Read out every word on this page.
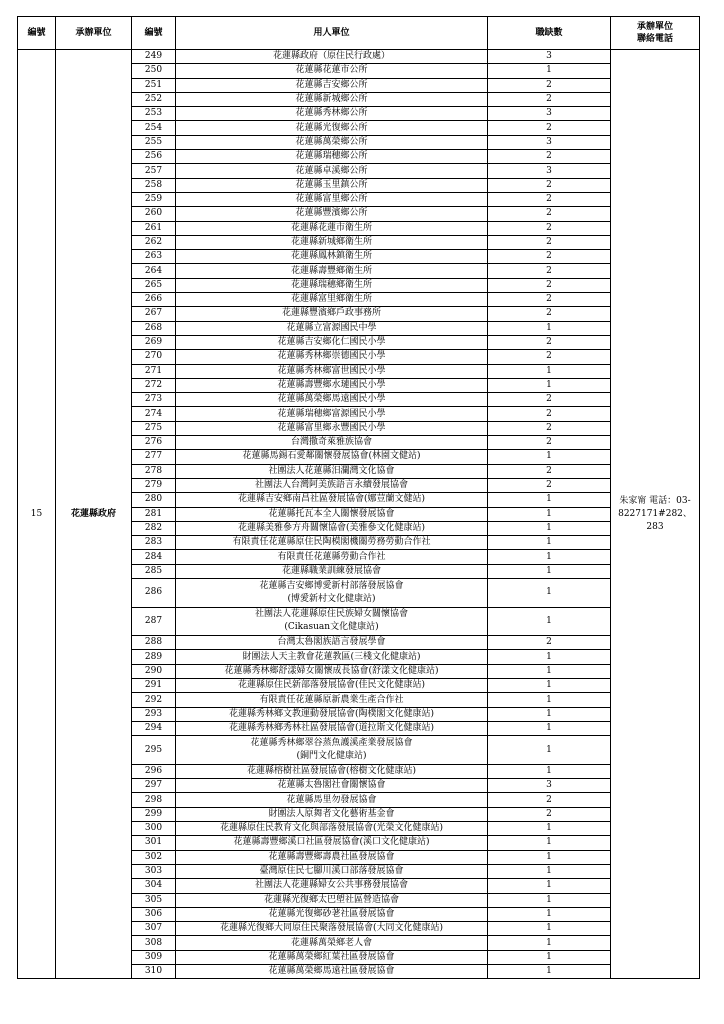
編號	承辦單位	編號	用人單位	職缺數	承辦單位
聯絡電話

15	花蓮縣政府	249	花蓮縣政府（原住民行政處）	3	朱家甯 電話：03-8227171#282、283
		250	花蓮縣花蓮市公所	1	
		251	花蓮縣吉安鄉公所	2	
		252	花蓮縣新城鄉公所	2	
		253	花蓮縣秀林鄉公所	3	
		254	花蓮縣光復鄉公所	2	
		255	花蓮縣萬榮鄉公所	3	
		256	花蓮縣瑞穗鄉公所	2	
		257	花蓮縣卓溪鄉公所	3	
		258	花蓮縣玉里鎮公所	2	
		259	花蓮縣富里鄉公所	2	
		260	花蓮縣豐濱鄉公所	2	
		261	花蓮縣花蓮市衛生所	2	
		262	花蓮縣新城鄉衛生所	2	
		263	花蓮縣鳳林鎮衛生所	2	
		264	花蓮縣壽豐鄉衛生所	2	
		265	花蓮縣瑞穗鄉衛生所	2	
		266	花蓮縣富里鄉衛生所	2	
		267	花蓮縣豐濱鄉戶政事務所	2	
		268	花蓮縣立富源國民中學	1	
		269	花蓮縣吉安鄉化仁國民小學	2	
		270	花蓮縣秀林鄉崇德國民小學	2	
		271	花蓮縣秀林鄉富世國民小學	1	
		272	花蓮縣壽豐鄉水璉國民小學	1	
		273	花蓮縣萬榮鄉馬遠國民小學	2	
		274	花蓮縣瑞穗鄉富源國民小學	2	
		275	花蓮縣富里鄉永豐國民小學	2	
		276	台灣撒奇萊雅族協會	2	
		277	花蓮縣馬錫石愛鄰關懷發展協會(林園文健站)	1	
		278	社團法人花蓮縣汨瀾灣文化協會	2	
		279	社團法人台灣阿美族語言永續發展協會	2	
		280	花蓮縣吉安鄉南昌社區發展協會(娜荳蘭文健站)	1	
		281	花蓮縣托瓦本全人關懷發展協會	1	
		282	花蓮縣美雅參方舟關懷協會(美雅參文化健康站)	1	
		283	有限責任花蓮縣原住民陶模閣機關勞務勞動合作社	1	
		284	有限責任花蓮縣勞動合作社	1	
		285	花蓮縣職業訓練發展協會	1	
		286	花蓮縣吉安鄉博愛新村部落發展協會
(博愛新村文化健康站)	1	
		287	社團法人花蓮縣原住民族婦女關懷協會
(Cikasuan文化健康站)	1	
		288	台灣太魯閣族語言發展學會	2	
		289	財團法人天主教會花蓮教區(三棧文化健康站)	1	
		290	花蓮縣秀林鄉舒漾婦女關懷成長協會(舒漾文化健康站)	1	
		291	花蓮縣原住民新部落發展協會(佳民文化健康站)	1	
		292	有限責任花蓮縣原新農業生產合作社	1	
		293	花蓮縣秀林鄉文教運動發展協會(陶樸閣文化健康站)	1	
		294	花蓮縣秀林鄉秀林社區發展協會(道拉斯文化健康站)	1	
		295	花蓮縣秀林鄉翠谷蒸魚護溪產業發展協會
(銅門文化健康站)	1	
		296	花蓮縣榕樹社區發展協會(榕樹文化健康站)	1	
		297	花蓮縣太魯閣社會關懷協會	3	
		298	花蓮縣馬里勿發展協會	2	
		299	財團法人原舞者文化藝術基金會	2	
		300	花蓮縣原住民教育文化與部落發展協會(光榮文化健康站)	1	
		301	花蓮縣壽豐鄉溪口社區發展協會(溪口文化健康站)	1	
		302	花蓮縣壽豐鄉壽農社區發展協會	1	
		303	臺灣原住民七腳川溪口部落發展協會	1	
		304	社團法人花蓮縣婦女公共事務發展協會	1	
		305	花蓮縣光復鄉太巴塱社區營造協會	1	
		306	花蓮縣光復鄉砂荖社區發展協會	1	
		307	花蓮縣光復鄉大同原住民聚落發展協會(大同文化健康站)	1	
		308	花蓮縣萬榮鄉老人會	1	
		309	花蓮縣萬榮鄉紅葉社區發展協會	1	
		310	花蓮縣萬榮鄉馬遠社區發展協會	1	
